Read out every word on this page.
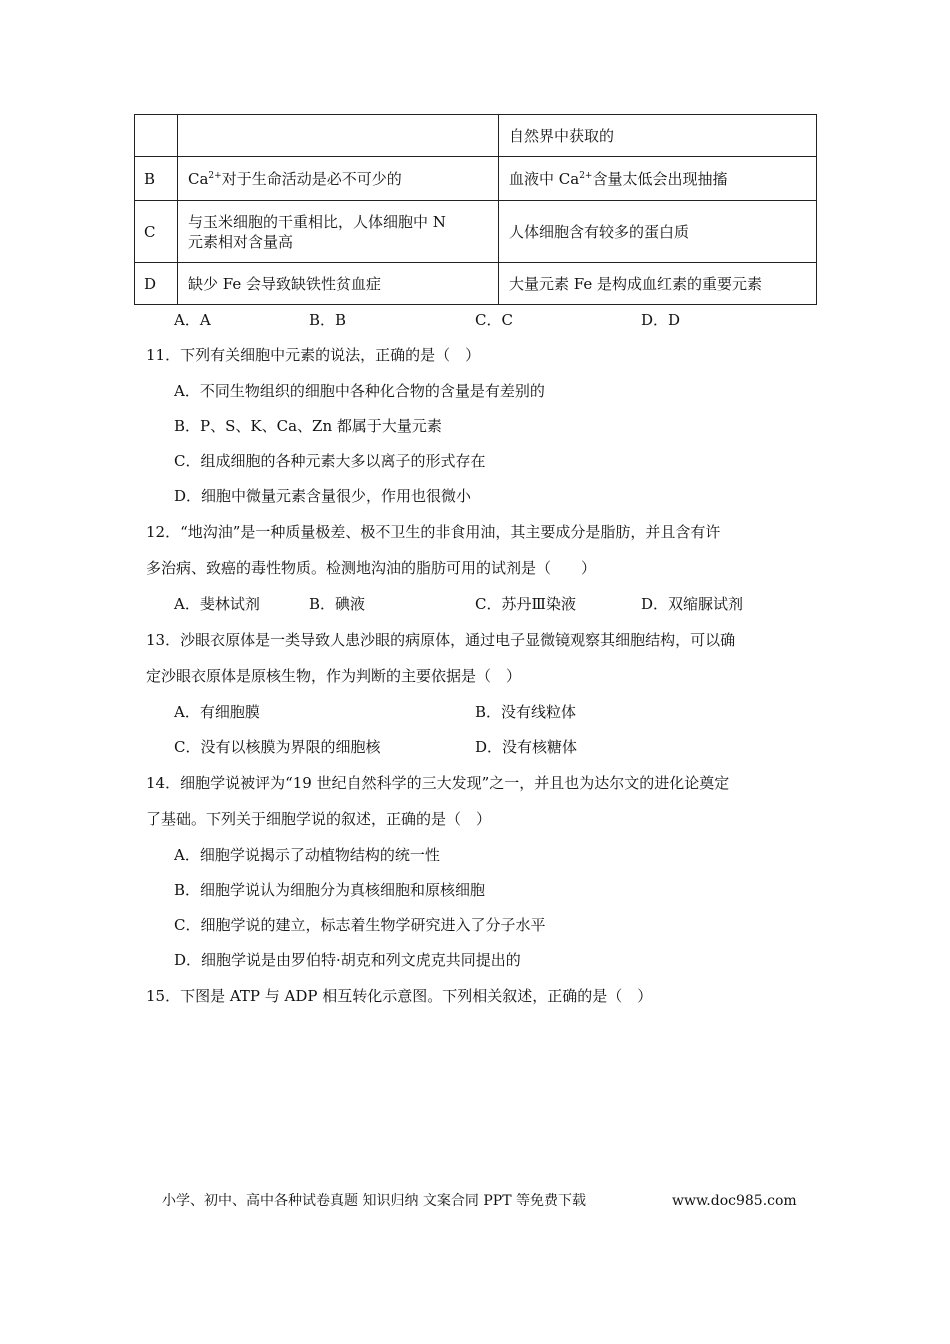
		自然界中获取的
B	$Ca^{2+}$对于生命活动是必不可少的	血液中 $Ca^{2+}$含量太低会出现抽搐
C	与玉米细胞的干重相比，人体细胞中 N
元素相对含量高	人体细胞含有较多的蛋白质
D	缺少 Fe 会导致缺铁性贫血症	大量元素 Fe 是构成血红素的重要元素
A．A	B．B	C．C	D．D
11．下列有关细胞中元素的说法，正确的是（　）
A．不同生物组织的细胞中各种化合物的含量是有差别的
B．P、S、K、Ca、Zn 都属于大量元素
C．组成细胞的各种元素大多以离子的形式存在
D．细胞中微量元素含量很少，作用也很微小
12．“地沟油”是一种质量极差、极不卫生的非食用油，其主要成分是脂肪，并且含有许
多治病、致癌的毒性物质。检测地沟油的脂肪可用的试剂是（　　）
A．斐林试剂	B．碘液	C．苏丹Ⅲ染液	D．双缩脲试剂
13．沙眼衣原体是一类导致人患沙眼的病原体，通过电子显微镜观察其细胞结构，可以确
定沙眼衣原体是原核生物，作为判断的主要依据是（　）
A．有细胞膜	B．没有线粒体
C．没有以核膜为界限的细胞核	D．没有核糖体
14．细胞学说被评为“19 世纪自然科学的三大发现”之一，并且也为达尔文的进化论奠定
了基础。下列关于细胞学说的叙述，正确的是（　）
A．细胞学说揭示了动植物结构的统一性
B．细胞学说认为细胞分为真核细胞和原核细胞
C．细胞学说的建立，标志着生物学研究进入了分子水平
D．细胞学说是由罗伯特·胡克和列文虎克共同提出的
15．下图是 ATP 与 ADP 相互转化示意图。下列相关叙述，正确的是（　）
小学、初中、高中各种试卷真题 知识归纳 文案合同 PPT 等免费下载	www.doc985.com
